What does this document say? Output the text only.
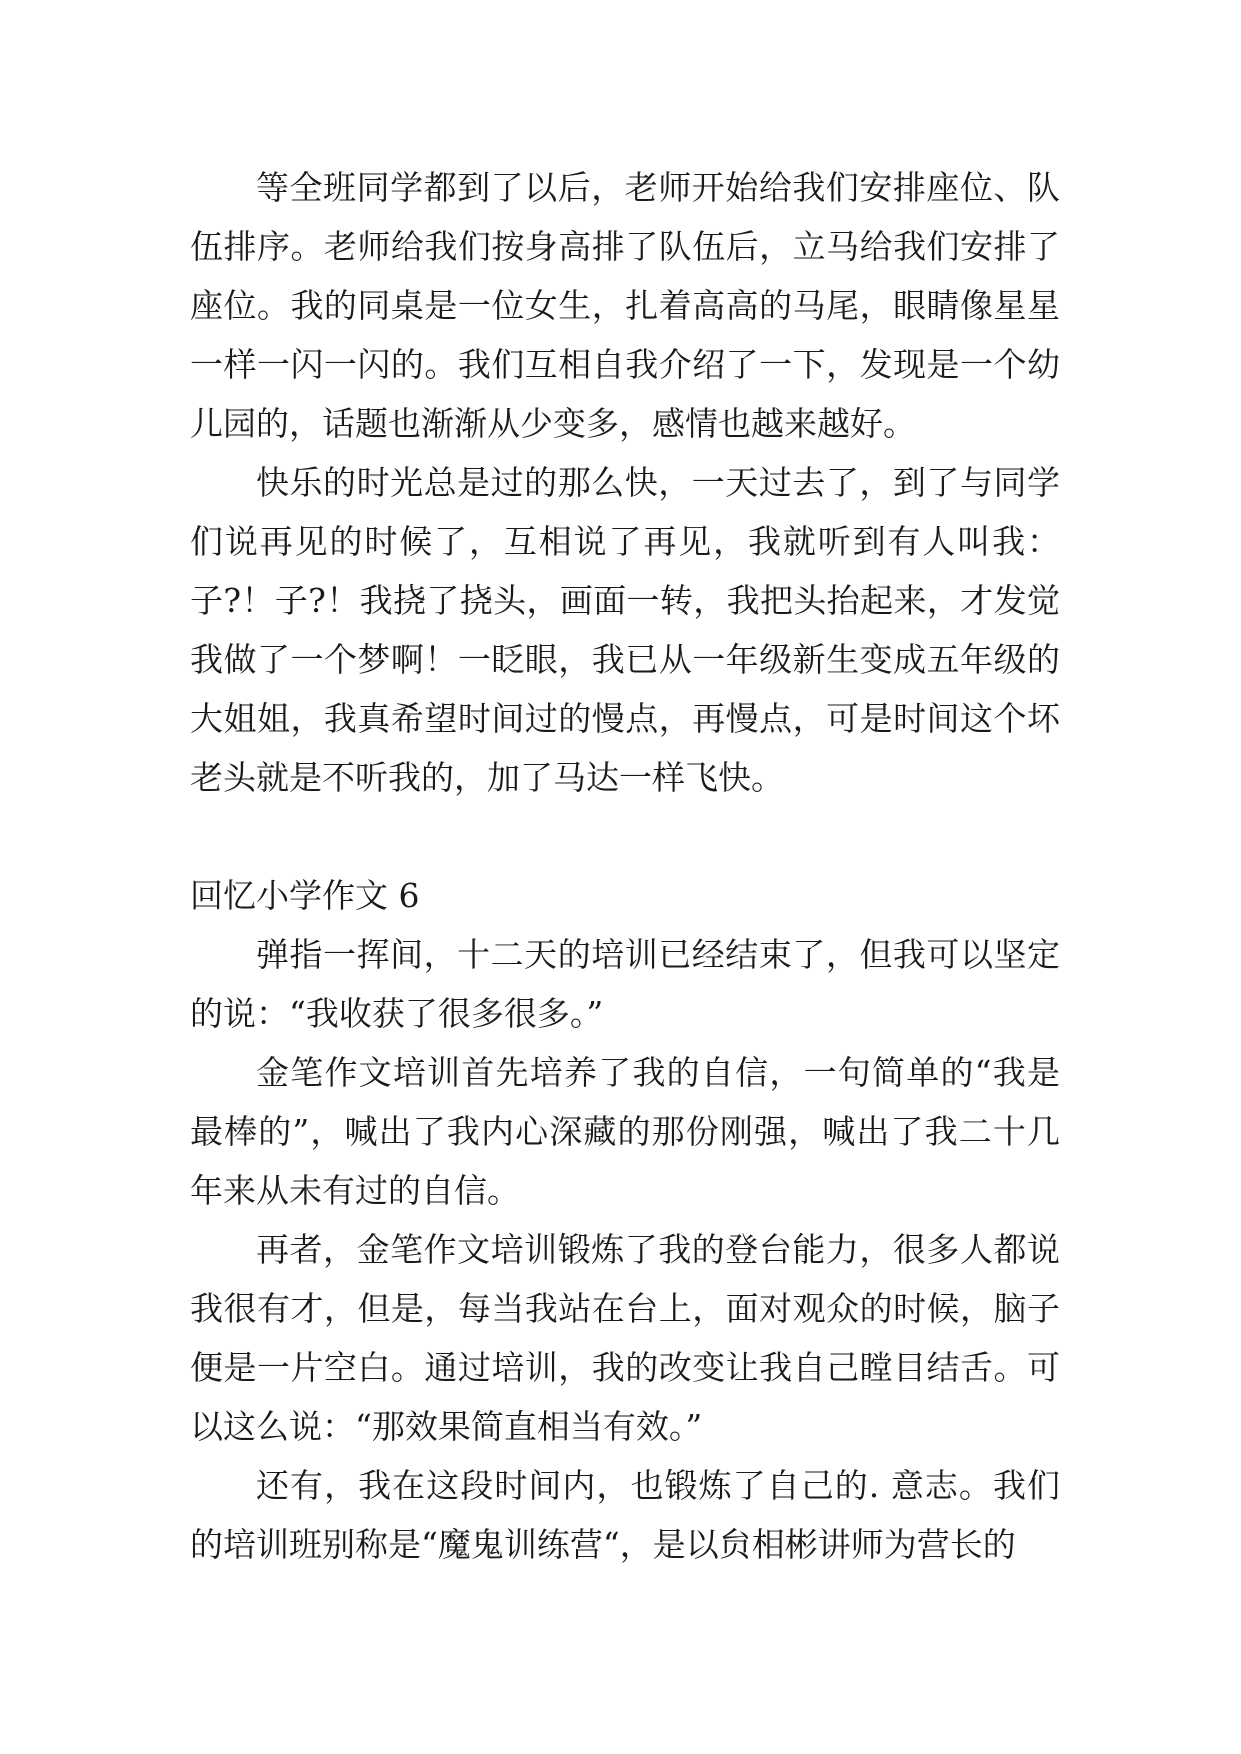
等全班同学都到了以后，老师开始给我们安排座位、队伍排序。老师给我们按身高排了队伍后，立马给我们安排了座位。我的同桌是一位女生，扎着高高的马尾，眼睛像星星一样一闪一闪的。我们互相自我介绍了一下，发现是一个幼儿园的，话题也渐渐从少变多，感情也越来越好。

快乐的时光总是过的那么快，一天过去了，到了与同学们说再见的时候了，互相说了再见，我就听到有人叫我：子?！子?！我挠了挠头，画面一转，我把头抬起来，才发觉我做了一个梦啊！一眨眼，我已从一年级新生变成五年级的大姐姐，我真希望时间过的慢点，再慢点，可是时间这个坏老头就是不听我的，加了马达一样飞快。

回忆小学作文 6

弹指一挥间，十二天的培训已经结束了，但我可以坚定的说：“我收获了很多很多。”

金笔作文培训首先培养了我的自信，一句简单的“我是最棒的”，喊出了我内心深藏的那份刚强，喊出了我二十几年来从未有过的自信。

再者，金笔作文培训锻炼了我的登台能力，很多人都说我很有才，但是，每当我站在台上，面对观众的时候，脑子便是一片空白。通过培训，我的改变让我自己瞠目结舌。可以这么说：“那效果简直相当有效。”

还有，我在这段时间内，也锻炼了自己的. 意志。我们的培训班别称是“魔鬼训练营“，是以贠相彬讲师为营长的
